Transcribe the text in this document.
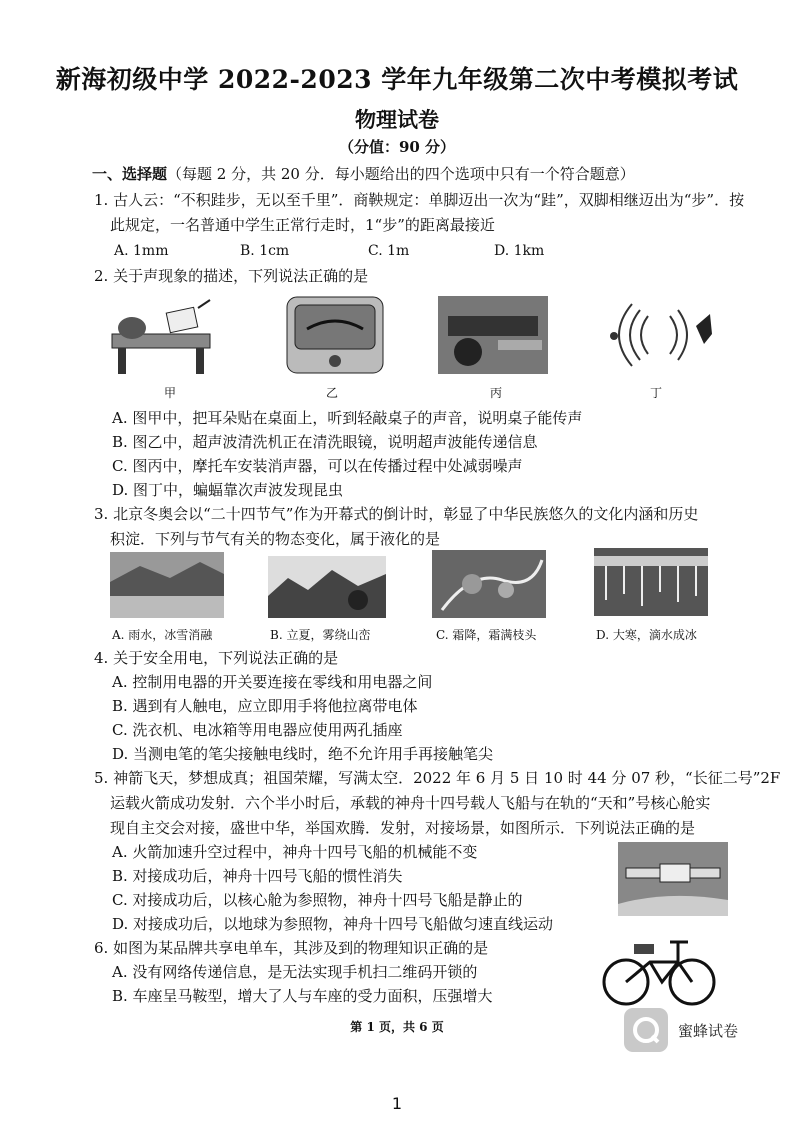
新海初级中学 2022-2023 学年九年级第二次中考模拟考试
物理试卷
（分值：90 分）
一、选择题（每题 2 分，共 20 分．每小题给出的四个选项中只有一个符合题意）
1. 古人云：“不积跬步，无以至千里”．商鞅规定：单脚迈出一次为“跬”，双脚相继迈出为“步”．按
此规定，一名普通中学生正常行走时，1“步”的距离最接近
A. 1mm	B. 1cm	C. 1m	D. 1km
2. 关于声现象的描述，下列说法正确的是
甲	乙	丙	丁
A. 图甲中，把耳朵贴在桌面上，听到轻敲桌子的声音，说明桌子能传声
B. 图乙中，超声波清洗机正在清洗眼镜，说明超声波能传递信息
C. 图丙中，摩托车安装消声器，可以在传播过程中处减弱噪声
D. 图丁中，蝙蝠靠次声波发现昆虫
3. 北京冬奥会以“二十四节气”作为开幕式的倒计时，彰显了中华民族悠久的文化内涵和历史
积淀．下列与节气有关的物态变化，属于液化的是
A. 雨水，冰雪消融	B. 立夏，雾绕山峦	C. 霜降，霜满枝头	D. 大寒，滴水成冰
4. 关于安全用电，下列说法正确的是
A. 控制用电器的开关要连接在零线和用电器之间
B. 遇到有人触电，应立即用手将他拉离带电体
C. 洗衣机、电冰箱等用电器应使用两孔插座
D. 当测电笔的笔尖接触电线时，绝不允许用手再接触笔尖
5. 神箭飞天，梦想成真；祖国荣耀，写满太空．2022 年 6 月 5 日 10 时 44 分 07 秒，“长征二号”2F
运载火箭成功发射．六个半小时后，承载的神舟十四号载人飞船与在轨的“天和”号核心舱实
现自主交会对接，盛世中华，举国欢腾．发射，对接场景，如图所示．下列说法正确的是
A. 火箭加速升空过程中，神舟十四号飞船的机械能不变
B. 对接成功后，神舟十四号飞船的惯性消失
C. 对接成功后，以核心舱为参照物，神舟十四号飞船是静止的
D. 对接成功后，以地球为参照物，神舟十四号飞船做匀速直线运动
6. 如图为某品牌共享电单车，其涉及到的物理知识正确的是
A. 没有网络传递信息，是无法实现手机扫二维码开锁的
B. 车座呈马鞍型，增大了人与车座的受力面积，压强增大
第 1 页，共 6 页	蜜蜂试卷
1
